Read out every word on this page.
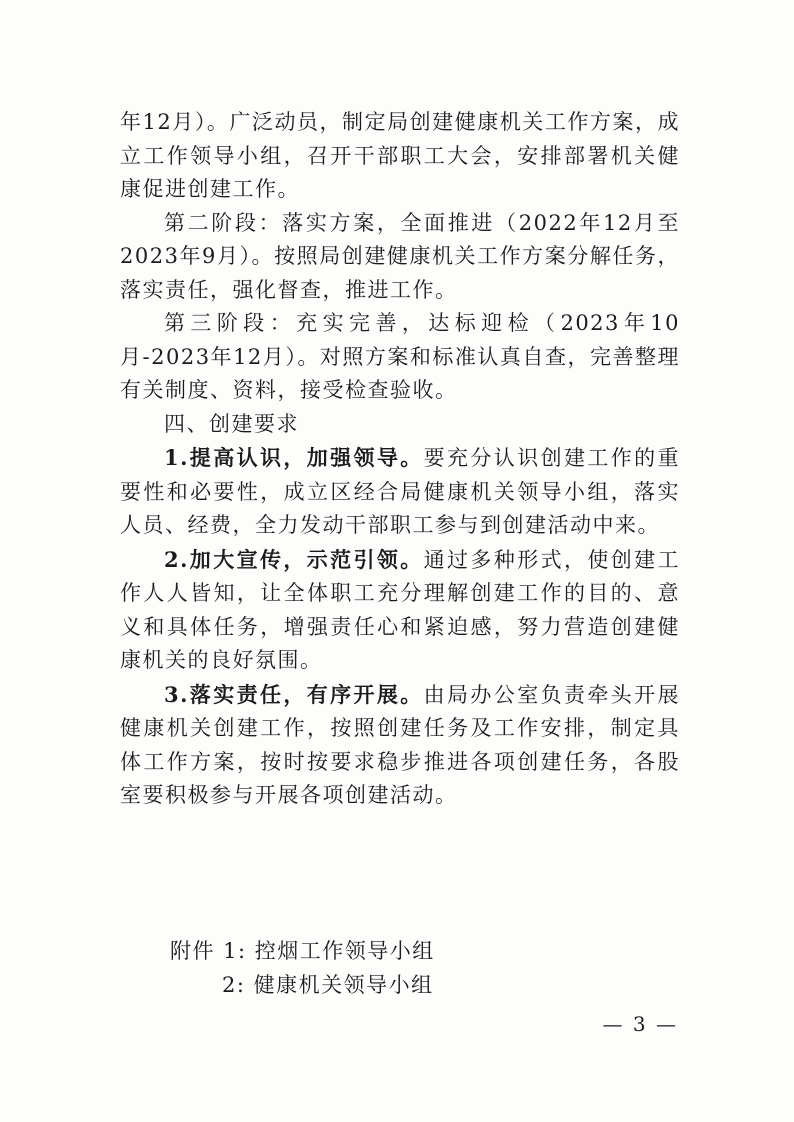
年12月）。广泛动员，制定局创建健康机关工作方案，成立工作领导小组，召开干部职工大会，安排部署机关健康促进创建工作。

第二阶段：落实方案，全面推进（2022年12月至2023年9月）。按照局创建健康机关工作方案分解任务，落实责任，强化督查，推进工作。

第三阶段：充实完善，达标迎检（2023年10月-2023年12月）。对照方案和标准认真自查，完善整理有关制度、资料，接受检查验收。

四、创建要求

1.提高认识，加强领导。要充分认识创建工作的重要性和必要性，成立区经合局健康机关领导小组，落实人员、经费，全力发动干部职工参与到创建活动中来。

2.加大宣传，示范引领。通过多种形式，使创建工作人人皆知，让全体职工充分理解创建工作的目的、意义和具体任务，增强责任心和紧迫感，努力营造创建健康机关的良好氛围。

3.落实责任，有序开展。由局办公室负责牵头开展健康机关创建工作，按照创建任务及工作安排，制定具体工作方案，按时按要求稳步推进各项创建任务，各股室要积极参与开展各项创建活动。

附件 1: 控烟工作领导小组
2: 健康机关领导小组
— 3 —
